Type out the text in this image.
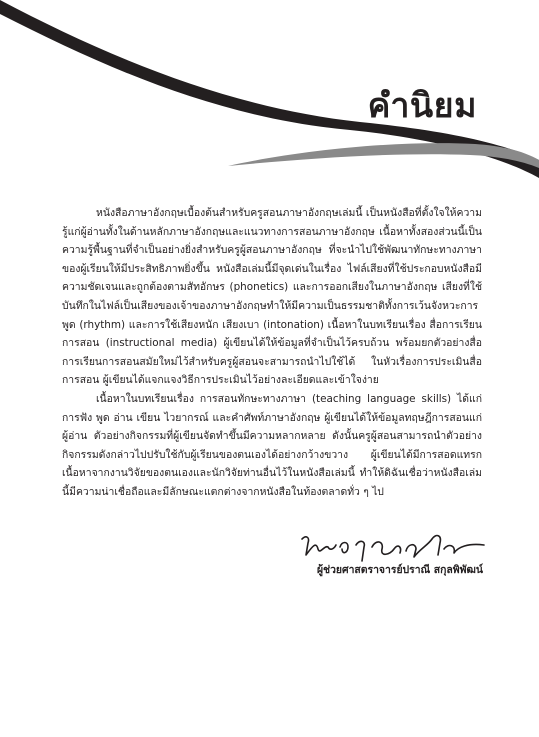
คำนิยม

หนังสือภาษาอังกฤษเบื้องต้นสำหรับครูสอนภาษาอังกฤษเล่มนี้ เป็นหนังสือที่ตั้งใจให้ความรู้แก่ผู้อ่านทั้งในด้านหลักภาษาอังกฤษและแนวทางการสอนภาษาอังกฤษ เนื้อหาทั้งสองส่วนนี้เป็นความรู้พื้นฐานที่จำเป็นอย่างยิ่งสำหรับครูผู้สอนภาษาอังกฤษ ที่จะนำไปใช้พัฒนาทักษะทางภาษาของผู้เรียนให้มีประสิทธิภาพยิ่งขึ้น หนังสือเล่มนี้มีจุดเด่นในเรื่อง ไฟล์เสียงที่ใช้ประกอบหนังสือมีความชัดเจนและถูกต้องตามสัทอักษร (phonetics) และการออกเสียงในภาษาอังกฤษ เสียงที่ใช้บันทึกในไฟล์เป็นเสียงของเจ้าของภาษาอังกฤษทำให้มีความเป็นธรรมชาติทั้งการเว้นจังหวะการพูด (rhythm) และการใช้เสียงหนัก เสียงเบา (intonation) เนื้อหาในบทเรียนเรื่อง สื่อการเรียนการสอน (instructional media) ผู้เขียนได้ให้ข้อมูลที่จำเป็นไว้ครบถ้วน พร้อมยกตัวอย่างสื่อการเรียนการสอนสมัยใหม่ไว้สำหรับครูผู้สอนจะสามารถนำไปใช้ได้ ในหัวเรื่องการประเมินสื่อการสอน ผู้เขียนได้แจกแจงวิธีการประเมินไว้อย่างละเอียดและเข้าใจง่าย

เนื้อหาในบทเรียนเรื่อง การสอนทักษะทางภาษา (teaching language skills) ได้แก่ การฟัง พูด อ่าน เขียน ไวยากรณ์ และคำศัพท์ภาษาอังกฤษ ผู้เขียนได้ให้ข้อมูลทฤษฎีการสอนแก่ผู้อ่าน ตัวอย่างกิจกรรมที่ผู้เขียนจัดทำขึ้นมีความหลากหลาย ดังนั้นครูผู้สอนสามารถนำตัวอย่างกิจกรรมดังกล่าวไปปรับใช้กับผู้เรียนของตนเองได้อย่างกว้างขวาง ผู้เขียนได้มีการสอดแทรกเนื้อหาจากงานวิจัยของตนเองและนักวิจัยท่านอื่นไว้ในหนังสือเล่มนี้ ทำให้ดิฉันเชื่อว่าหนังสือเล่มนี้มีความน่าเชื่อถือและมีลักษณะแตกต่างจากหนังสือในท้องตลาดทั่ว ๆ ไป

ผู้ช่วยศาสตราจารย์ปราณี สกุลพิพัฒน์
